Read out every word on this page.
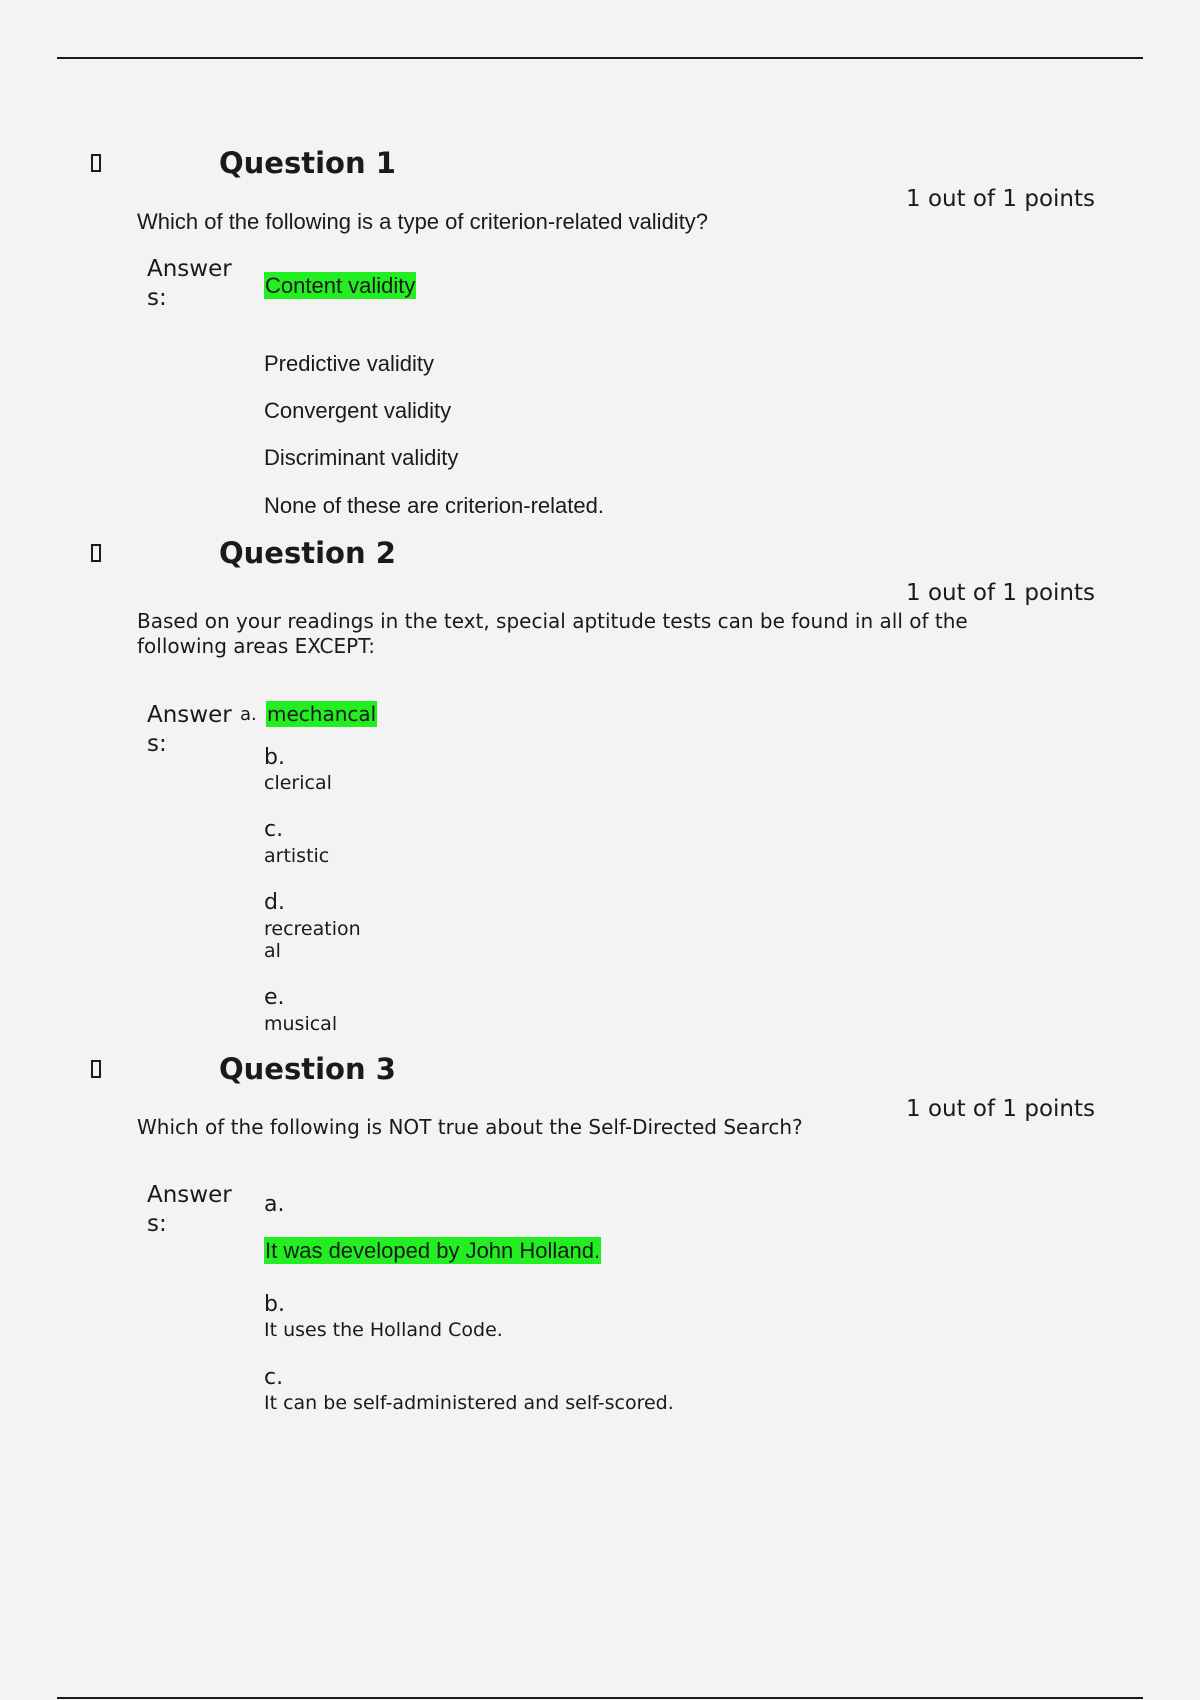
Question 1
1 out of 1 points
Which of the following is a type of criterion-related validity?
Answer
s:	Content validity
Predictive validity
Convergent validity
Discriminant validity
None of these are criterion-related.
Question 2
1 out of 1 points
Based on your readings in the text, special aptitude tests can be found in all of the
following areas EXCEPT:
Answer
s:
a. mechancal
b.
clerical
c.
artistic
d.
recreation
al
e.
musical
Question 3
1 out of 1 points
Which of the following is NOT true about the Self-Directed Search?
Answer
s:
a.
It was developed by John Holland.
b.
It uses the Holland Code.
c.
It can be self-administered and self-scored.
